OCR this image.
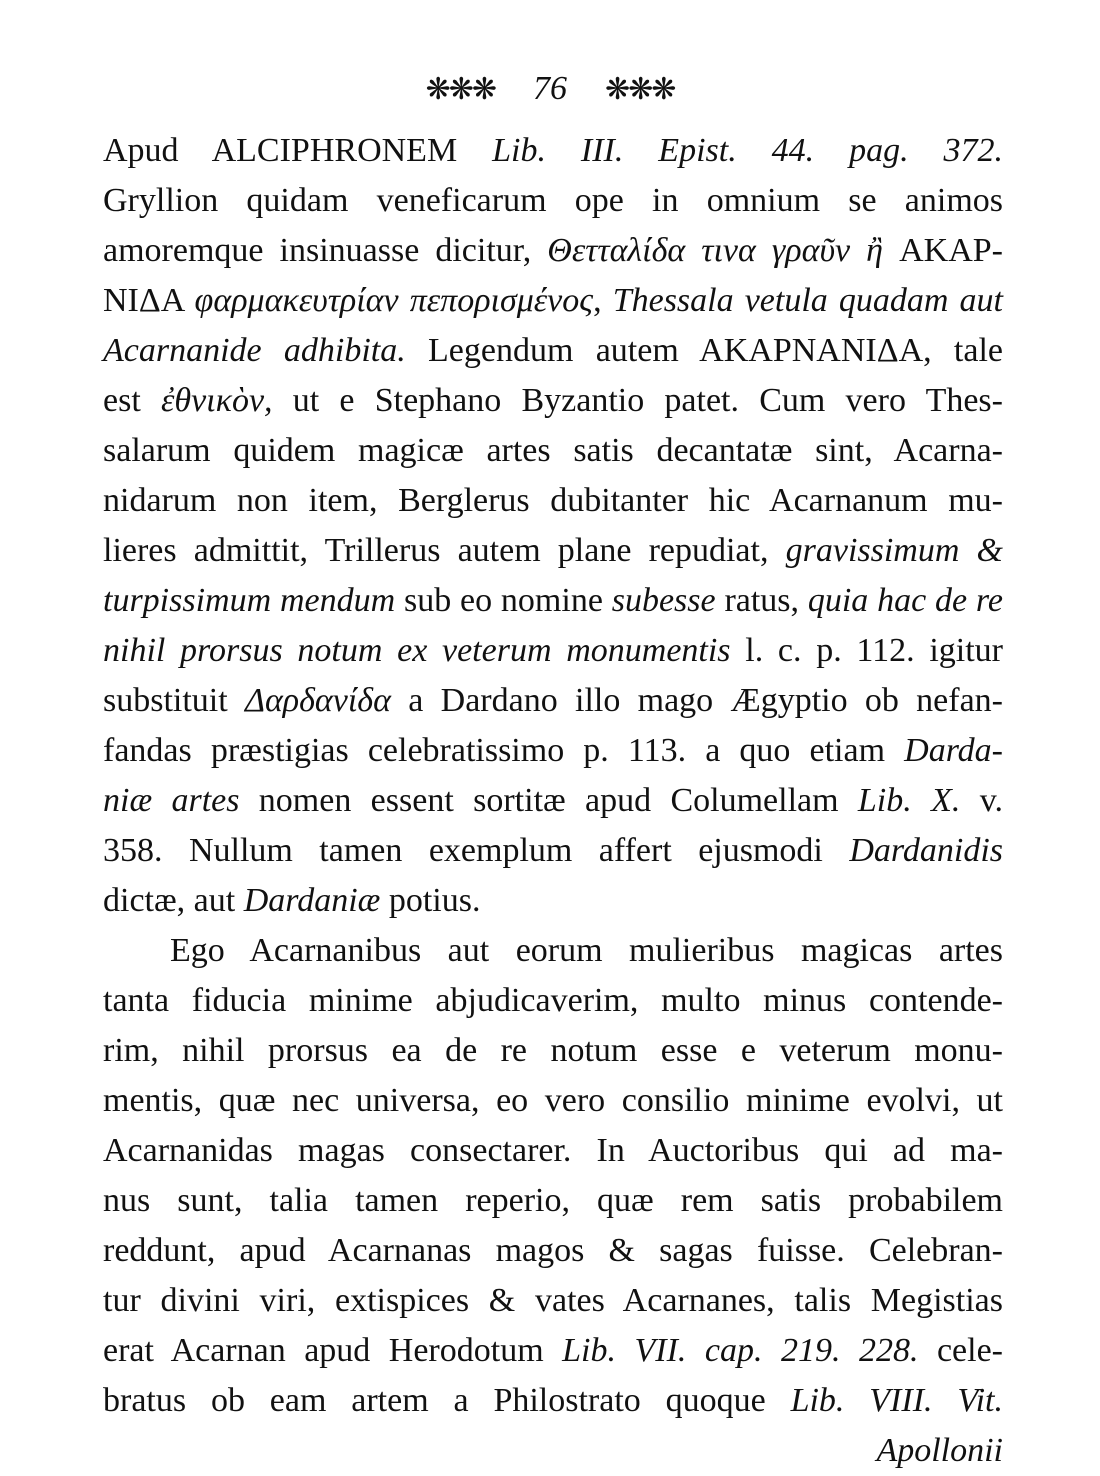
❋❋❋ 76 ❋❋❋
Apud ALCIPHRONEM Lib. III. Epist. 44. pag. 372.
Gryllion quidam veneficarum ope in omnium se animos
amoremque insinuasse dicitur, Θετταλίδα τινα γραῦν ἢ AKAP-
NIΔA φαρμακευτρίαν πεπορισμένος, Thessala vetula quadam aut
Acarnanide adhibita. Legendum autem AKAPNANIΔA, tale
est ἐθνικὸν, ut e Stephano Byzantio patet. Cum vero Thes-
salarum quidem magicæ artes satis decantatæ sint, Acarna-
nidarum non item, Berglerus dubitanter hic Acarnanum mu-
lieres admittit, Trillerus autem plane repudiat, gravissimum &
turpissimum mendum sub eo nomine subesse ratus, quia hac de re
nihil prorsus notum ex veterum monumentis l. c. p. 112. igitur
substituit Δαρδανίδα a Dardano illo mago Ægyptio ob nefan-
fandas præstigias celebratissimo p. 113. a quo etiam Darda-
niæ artes nomen essent sortitæ apud Columellam Lib. X. v.
358. Nullum tamen exemplum affert ejusmodi Dardanidis
dictæ, aut Dardaniæ potius.
Ego Acarnanibus aut eorum mulieribus magicas artes
tanta fiducia minime abjudicaverim, multo minus contende-
rim, nihil prorsus ea de re notum esse e veterum monu-
mentis, quæ nec universa, eo vero consilio minime evolvi, ut
Acarnanidas magas consectarer. In Auctoribus qui ad ma-
nus sunt, talia tamen reperio, quæ rem satis probabilem
reddunt, apud Acarnanas magos & sagas fuisse. Celebran-
tur divini viri, extispices & vates Acarnanes, talis Megistias
erat Acarnan apud Herodotum Lib. VII. cap. 219. 228. cele-
bratus ob eam artem a Philostrato quoque Lib. VIII. Vit.
Apollonii
